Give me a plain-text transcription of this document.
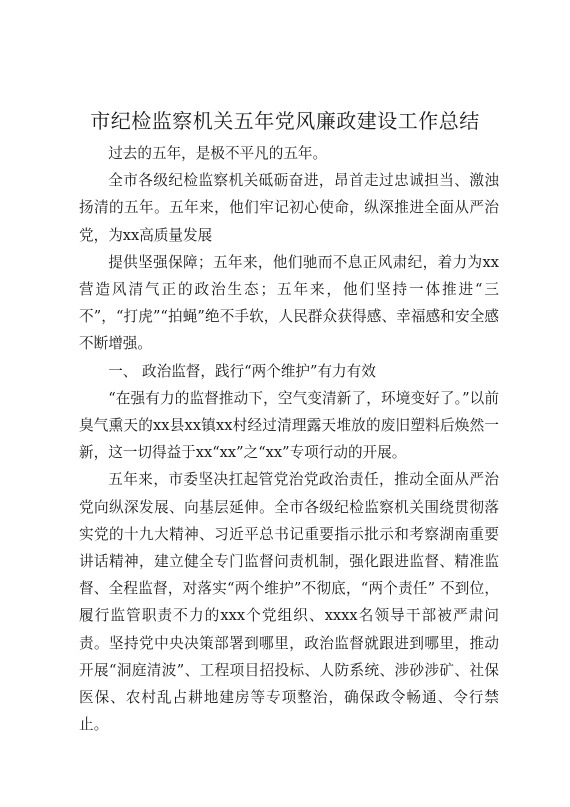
市纪检监察机关五年党风廉政建设工作总结

过去的五年，是极不平凡的五年。

全市各级纪检监察机关砥砺奋进，昂首走过忠诚担当、激浊扬清的五年。五年来，他们牢记初心使命，纵深推进全面从严治党，为xx高质量发展

提供坚强保障；五年来，他们驰而不息正风肃纪，着力为xx营造风清气正的政治生态；五年来，他们坚持一体推进“三不”，“打虎”“拍蝇”绝不手软，人民群众获得感、幸福感和安全感不断增强。

一、 政治监督，践行“两个维护”有力有效

“在强有力的监督推动下，空气变清新了，环境变好了。”以前臭气熏天的xx县xx镇xx村经过清理露天堆放的废旧塑料后焕然一新，这一切得益于xx“xx”之“xx”专项行动的开展。

五年来，市委坚决扛起管党治党政治责任，推动全面从严治党向纵深发展、向基层延伸。全市各级纪检监察机关围绕贯彻落实党的十九大精神、习近平总书记重要指示批示和考察湖南重要讲话精神，建立健全专门监督问责机制，强化跟进监督、精准监督、全程监督，对落实“两个维护”不彻底，“两个责任” 不到位，履行监管职责不力的xxx个党组织、xxxx名领导干部被严肃问责。坚持党中央决策部署到哪里，政治监督就跟进到哪里，推动开展“洞庭清波”、工程项目招投标、人防系统、涉砂涉矿、社保医保、农村乱占耕地建房等专项整治，确保政令畅通、令行禁止。
